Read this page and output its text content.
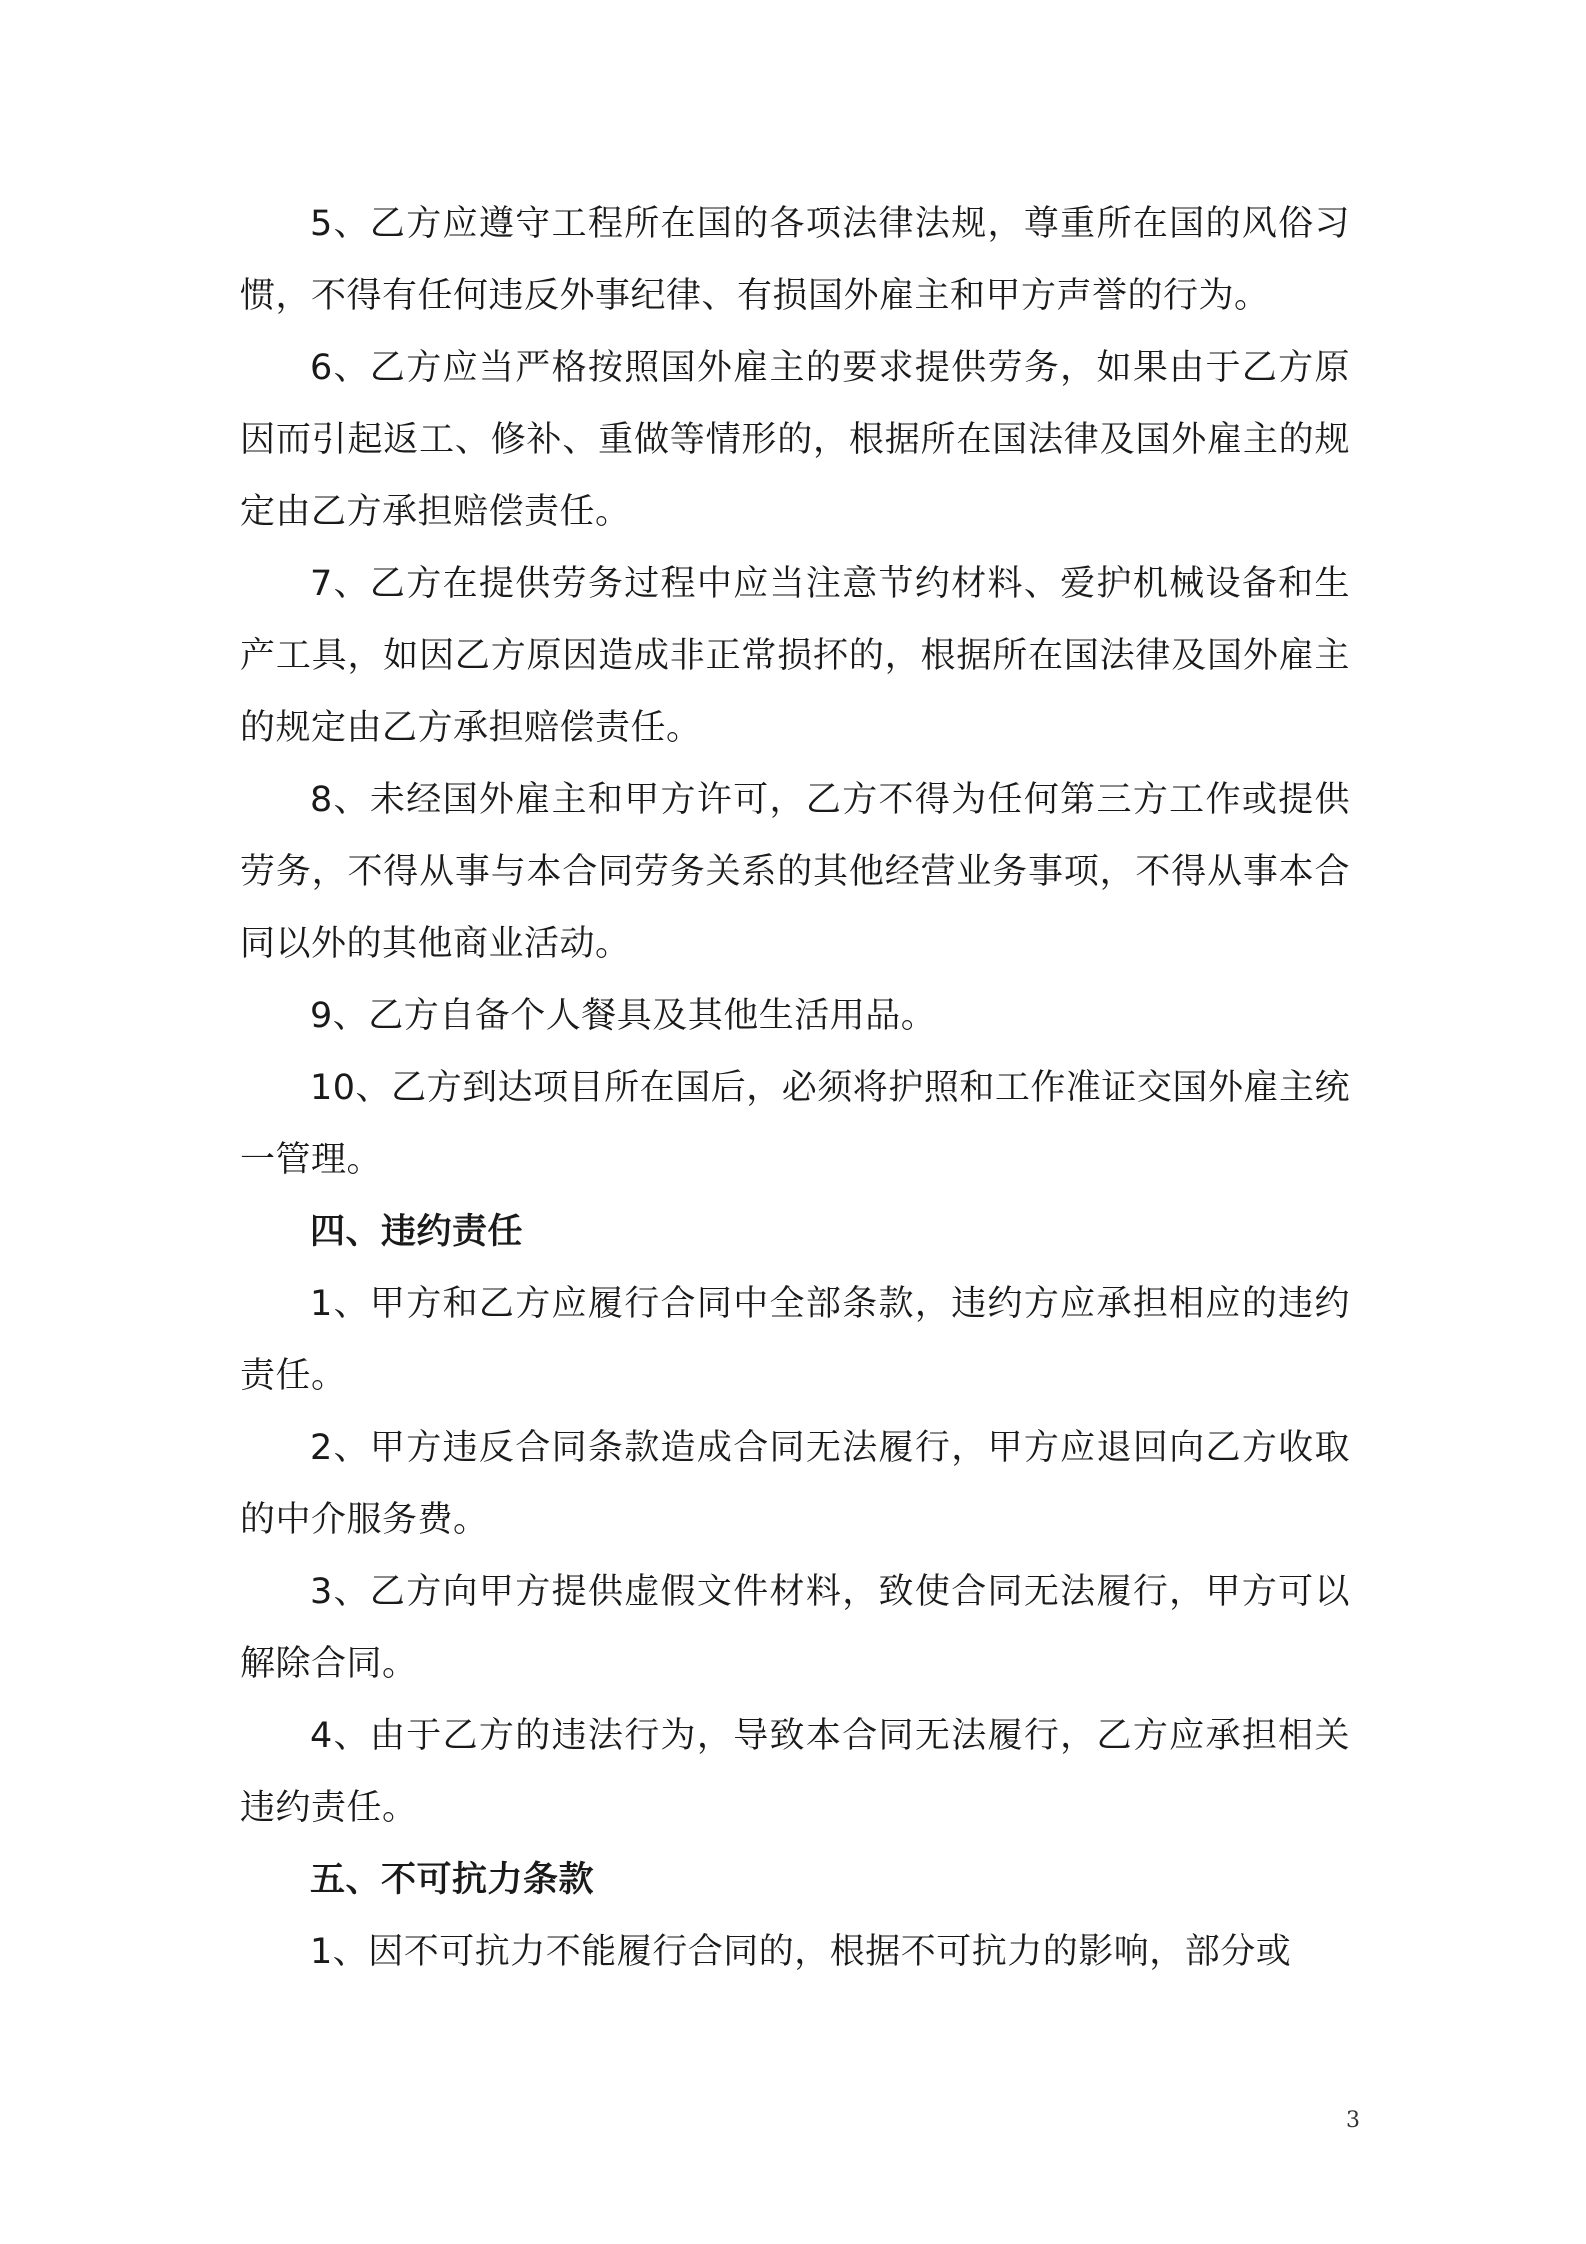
5、乙方应遵守工程所在国的各项法律法规，尊重所在国的风俗习惯，不得有任何违反外事纪律、有损国外雇主和甲方声誉的行为。

6、乙方应当严格按照国外雇主的要求提供劳务，如果由于乙方原因而引起返工、修补、重做等情形的，根据所在国法律及国外雇主的规定由乙方承担赔偿责任。

7、乙方在提供劳务过程中应当注意节约材料、爱护机械设备和生产工具，如因乙方原因造成非正常损抔的，根据所在国法律及国外雇主的规定由乙方承担赔偿责任。

8、未经国外雇主和甲方许可，乙方不得为任何第三方工作或提供劳务，不得从事与本合同劳务关系的其他经营业务事项，不得从事本合同以外的其他商业活动。

9、乙方自备个人餐具及其他生活用品。

10、乙方到达项目所在国后，必须将护照和工作准证交国外雇主统一管理。

四、违约责任

1、甲方和乙方应履行合同中全部条款，违约方应承担相应的违约责任。

2、甲方违反合同条款造成合同无法履行，甲方应退回向乙方收取的中介服务费。

3、乙方向甲方提供虚假文件材料，致使合同无法履行，甲方可以解除合同。

4、由于乙方的违法行为，导致本合同无法履行，乙方应承担相关违约责任。

五、不可抗力条款

1、因不可抗力不能履行合同的，根据不可抗力的影响，部分或

3
